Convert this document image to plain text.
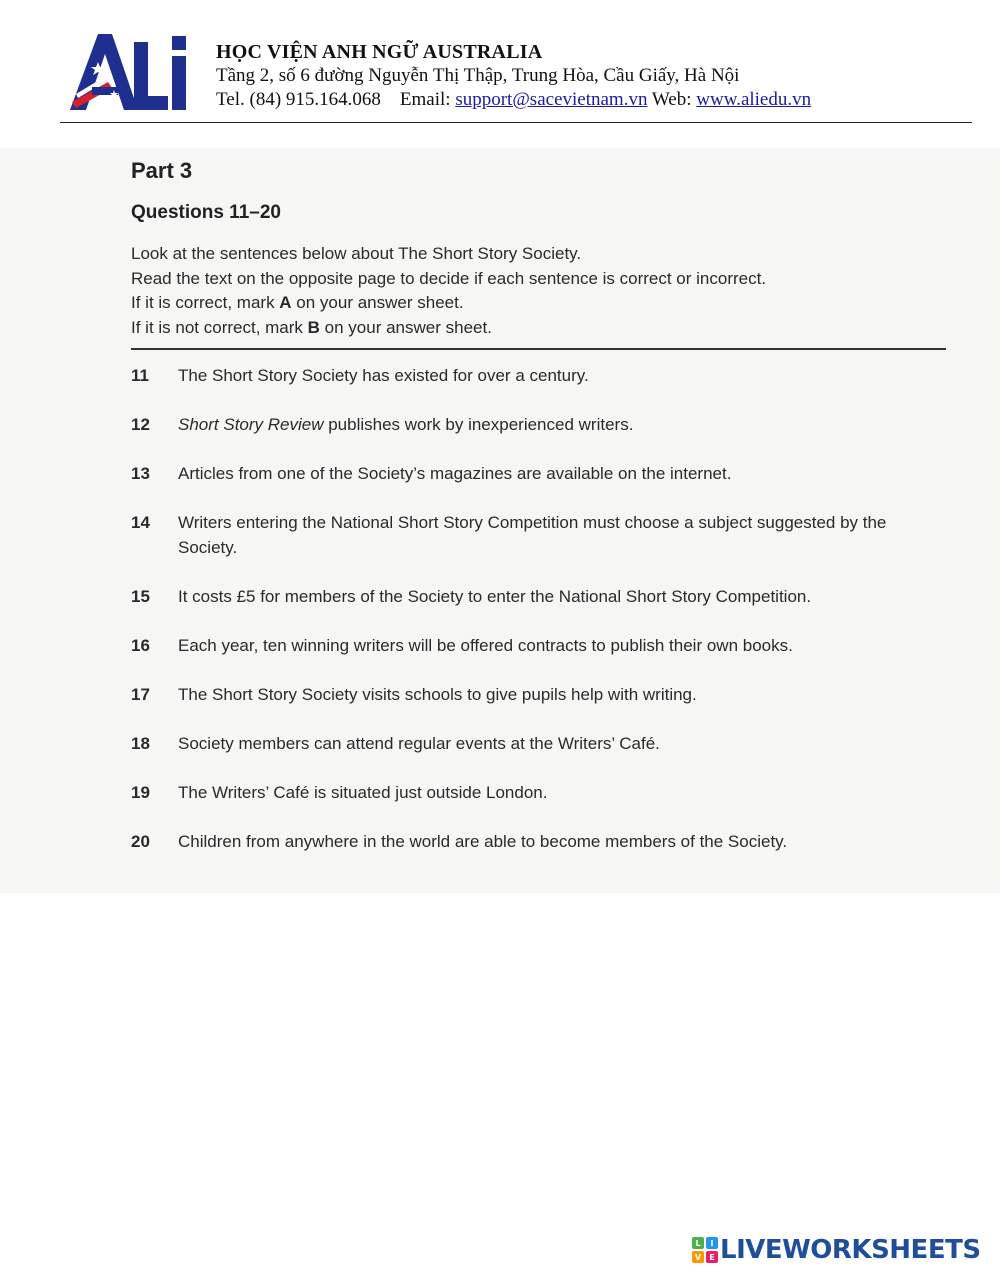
ALi
HỌC VIỆN ANH NGỮ AUSTRALIA
Tầng 2, số 6 đường Nguyễn Thị Thập, Trung Hòa, Cầu Giấy, Hà Nội
Tel. (84) 915.164.068 Email: support@sacevietnam.vn Web: www.aliedu.vn
Part 3
Questions 11–20
Look at the sentences below about The Short Story Society.
Read the text on the opposite page to decide if each sentence is correct or incorrect.
If it is correct, mark A on your answer sheet.
If it is not correct, mark B on your answer sheet.
11 The Short Story Society has existed for over a century.
12 Short Story Review publishes work by inexperienced writers.
13 Articles from one of the Society’s magazines are available on the internet.
14 Writers entering the National Short Story Competition must choose a subject suggested by the Society.
15 It costs £5 for members of the Society to enter the National Short Story Competition.
16 Each year, ten winning writers will be offered contracts to publish their own books.
17 The Short Story Society visits schools to give pupils help with writing.
18 Society members can attend regular events at the Writers’ Café.
19 The Writers’ Café is situated just outside London.
20 Children from anywhere in the world are able to become members of the Society.
L I
V E LIVEWORKSHEETS
